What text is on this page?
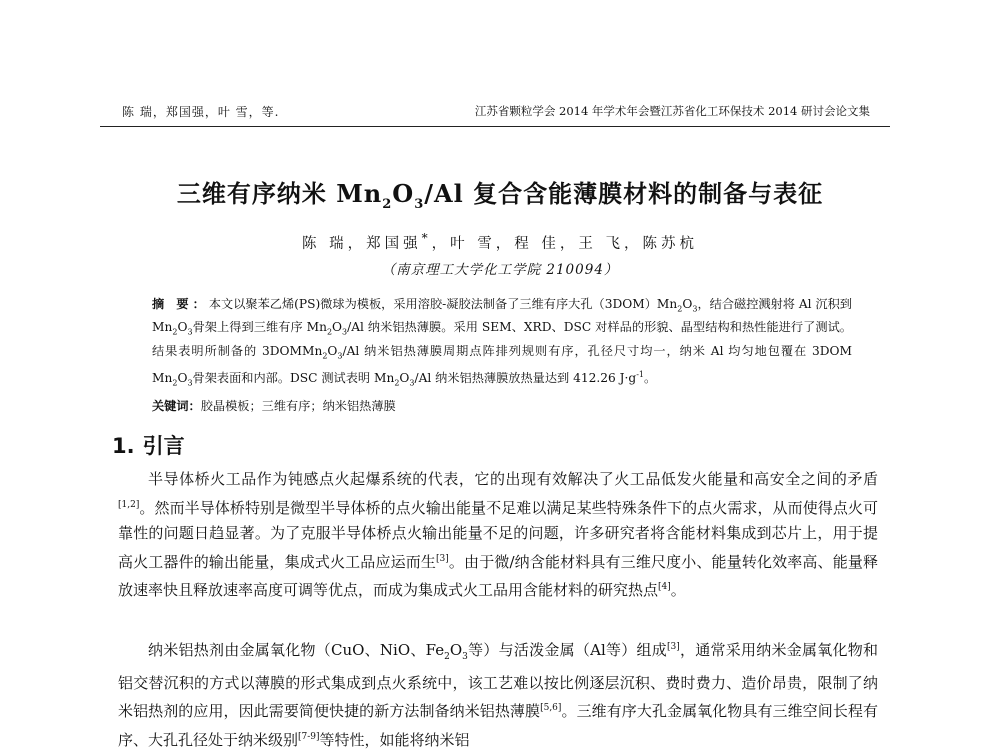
陈 瑞，郑国强，叶 雪，等.	江苏省颗粒学会 2014 年学术年会暨江苏省化工环保技术 2014 研讨会论文集
三维有序纳米 $Mn_2O_3/Al$ 复合含能薄膜材料的制备与表征
陈 瑞，郑国强*，叶 雪，程 佳，王 飞，陈苏杭
（南京理工大学化工学院 210094）
摘 要：本文以聚苯乙烯(PS)微球为模板，采用溶胶-凝胶法制备了三维有序大孔$(3DOM)Mn_2O_3$，结合磁控溅射将 Al 沉积到 $Mn_2O_3$骨架上得到三维有序 $Mn_2O_3/Al$ 纳米铝热薄膜。采用 SEM、XRD、DSC 对样品的形貌、晶型结构和热性能进行了测试。结果表明所制备的 $3DOMMn_2O_3/Al$ 纳米铝热薄膜周期点阵排列规则有序，孔径尺寸均一，纳米 Al 均匀地包覆在 3DOM $Mn_2O_3$骨架表面和内部。DSC 测试表明 $Mn_2O_3/Al$ 纳米铝热薄膜放热量达到 412.26 $J\cdot g^{-1}$。
关键词：胶晶模板；三维有序；纳米铝热薄膜
1. 引言
半导体桥火工品作为钝感点火起爆系统的代表，它的出现有效解决了火工品低发火能量和高安全之间的矛盾[1,2]。然而半导体桥特别是微型半导体桥的点火输出能量不足难以满足某些特殊条件下的点火需求，从而使得点火可靠性的问题日趋显著。为了克服半导体桥点火输出能量不足的问题，许多研究者将含能材料集成到芯片上，用于提高火工器件的输出能量，集成式火工品应运而生[3]。由于微/纳含能材料具有三维尺度小、能量转化效率高、能量释放速率快且释放速率高度可调等优点，而成为集成式火工品用含能材料的研究热点[4]。
纳米铝热剂由金属氧化物（CuO、NiO、$Fe_2O_3$等）与活泼金属（Al等）组成[3]，通常采用纳米金属氧化物和铝交替沉积的方式以薄膜的形式集成到点火系统中，该工艺难以按比例逐层沉积、费时费力、造价昂贵，限制了纳米铝热剂的应用，因此需要简便快捷的新方法制备纳米铝热薄膜[5,6]。三维有序大孔金属氧化物具有三维空间长程有序、大孔孔径处于纳米级别[7-9]等特性，如能将纳米铝
